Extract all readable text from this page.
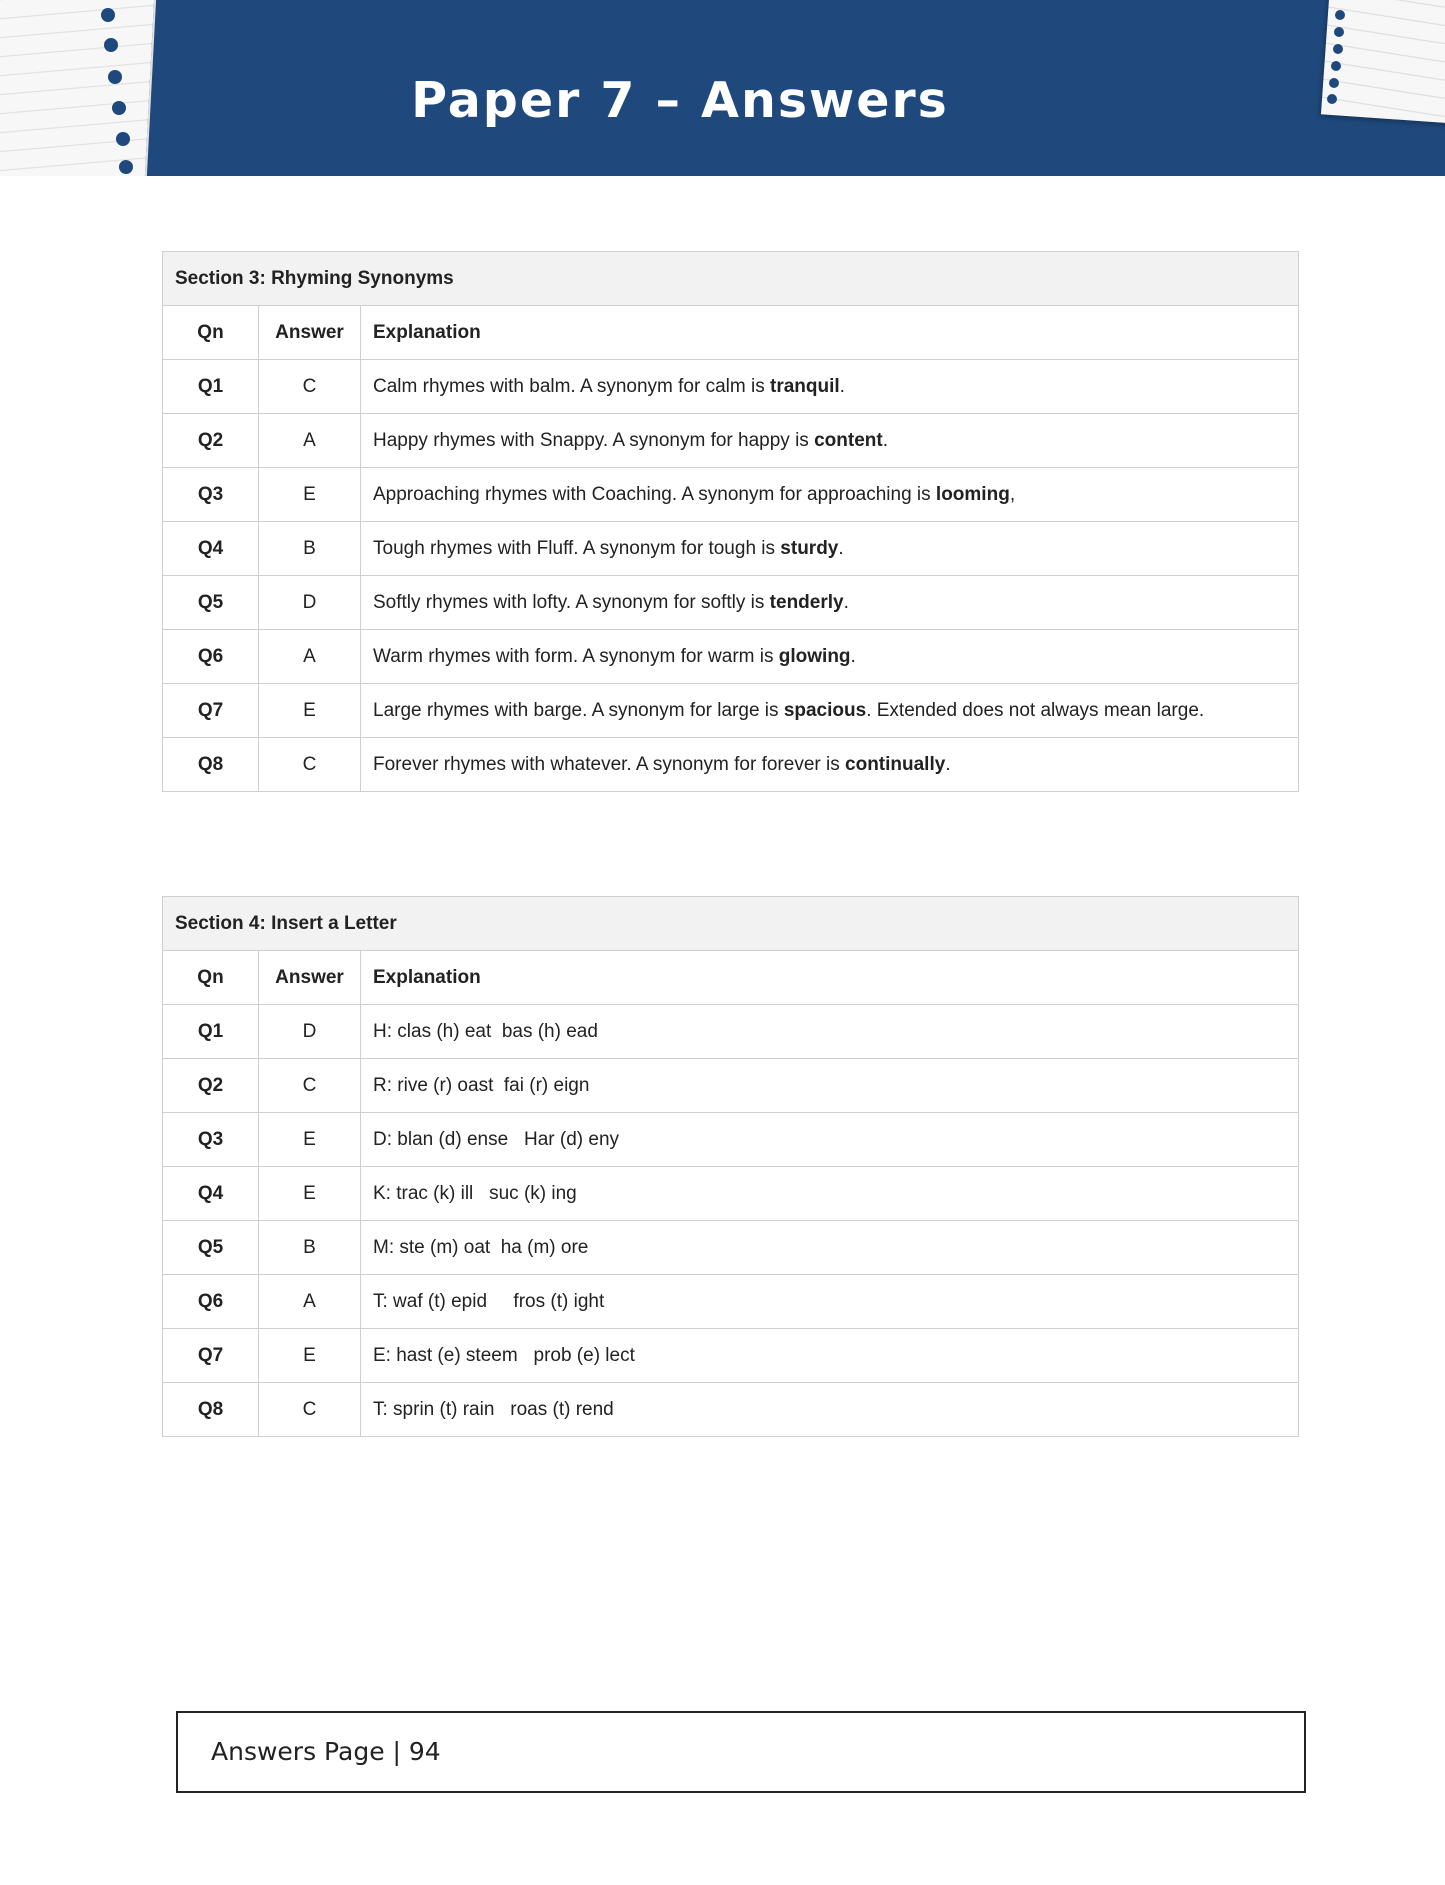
Paper 7 – Answers
Section 3: Rhyming Synonyms		
Qn	Answer	Explanation
Q1	C	Calm rhymes with balm. A synonym for calm is tranquil.
Q2	A	Happy rhymes with Snappy. A synonym for happy is content.
Q3	E	Approaching rhymes with Coaching. A synonym for approaching is looming,
Q4	B	Tough rhymes with Fluff. A synonym for tough is sturdy.
Q5	D	Softly rhymes with lofty. A synonym for softly is tenderly.
Q6	A	Warm rhymes with form. A synonym for warm is glowing.
Q7	E	Large rhymes with barge. A synonym for large is spacious. Extended does not always mean large.
Q8	C	Forever rhymes with whatever. A synonym for forever is continually.
Section 4: Insert a Letter		
Qn	Answer	Explanation
Q1	D	H: clas (h) eat  bas (h) ead
Q2	C	R: rive (r) oast  fai (r) eign
Q3	E	D: blan (d) ense   Har (d) eny
Q4	E	K: trac (k) ill   suc (k) ing
Q5	B	M: ste (m) oat  ha (m) ore
Q6	A	T: waf (t) epid     fros (t) ight
Q7	E	E: hast (e) steem   prob (e) lect
Q8	C	T: sprin (t) rain   roas (t) rend
Answers Page | 94
